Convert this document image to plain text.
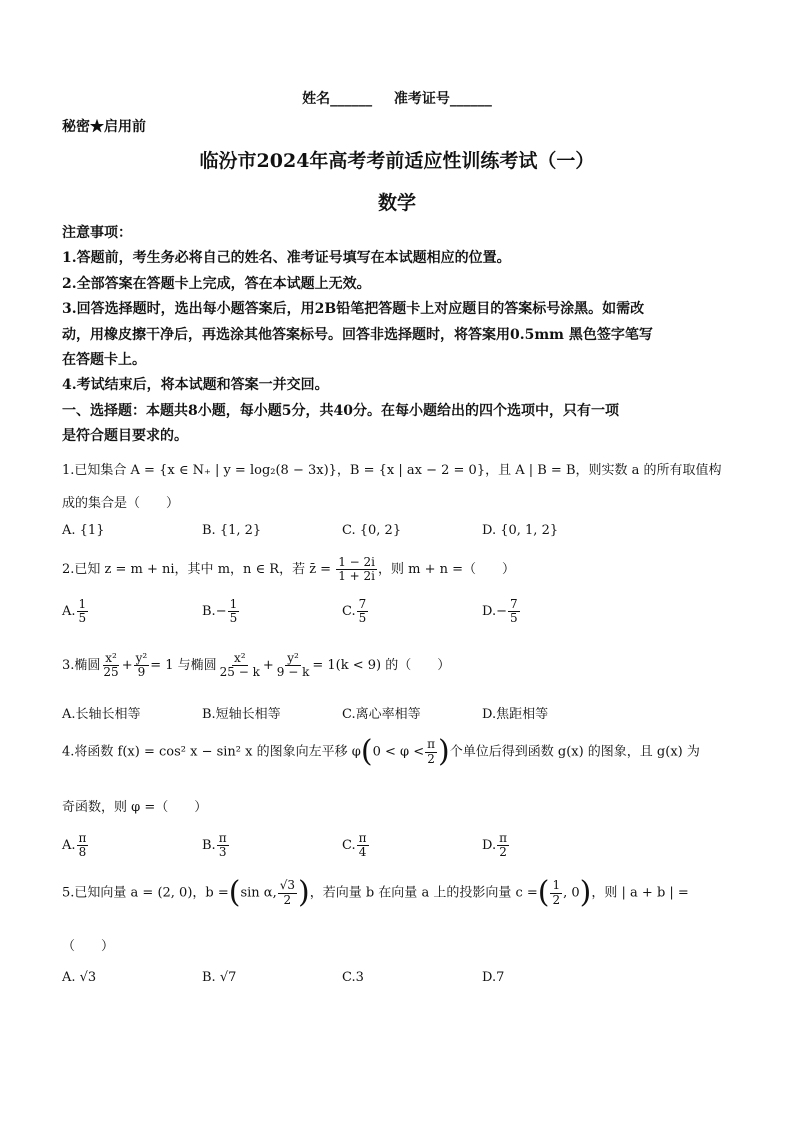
姓名______ 准考证号______
秘密★启用前
临汾市2024年高考考前适应性训练考试（一）
数学
注意事项：
1.答题前，考生务必将自己的姓名、准考证号填写在本试题相应的位置。
2.全部答案在答题卡上完成，答在本试题上无效。
3.回答选择题时，选出每小题答案后，用2B铅笔把答题卡上对应题目的答案标号涂黑。如需改
动，用橡皮擦干净后，再选涂其他答案标号。回答非选择题时，将答案用0.5mm 黑色签字笔写
在答题卡上。
4.考试结束后，将本试题和答案一并交回。
一、选择题：本题共8小题，每小题5分，共40分。在每小题给出的四个选项中，只有一项
是符合题目要求的。
1.已知集合 A = {x ∈ N₊ | y = log₂(8 − 3x)}，B = {x | ax − 2 = 0}，且 A | B = B，则实数 a 的所有取值构
成的集合是（　　）
A. {1}	B. {1, 2}	C. {0, 2}	D. {0, 1, 2}
2.已知 z = m + ni，其中 m，n ∈ R，若 z̄ = $\frac{1 - 2i}{1 + 2i}$ ，则 m + n =（　　）
A. $\frac{1}{5}$	$B.- \frac{1}{5}$	C. $\frac{7}{5}$	$D.- \frac{7}{5}$
3.椭圆 $\frac{\text{x²}}{25} + \frac{\text{y²}}{9} = 1$ 与椭圆 $\frac{\text{x²}}{25 - k} + \frac{\text{y²}}{9 - k} = 1(k < 9)$ 的（　　）
A.长轴长相等	B.短轴长相等	C.离心率相等	D.焦距相等
4.将函数 f(x) = cos² x − sin² x 的图象向左平移 $\varphi(0 < \varphi < \frac{\pi}{2}$ )个单位后得到函数 g(x) 的图象，且 g(x) 为
奇函数，则 φ =（　　）
A. $\frac{\pi}{8}$	B. $\frac{\pi}{3}$	C. $\frac{\pi}{4}$	D. $\frac{\pi}{2}$
5.已知向量 a = (2, 0)，b =(sin α, $\frac{√3}{2}$ )，若向量 b 在向量 a 上的投影向量 c =( $\frac{1}{2}$ , 0)，则 | a + b | =
（　　）
A. √3	B. √7	C.3	D.7
